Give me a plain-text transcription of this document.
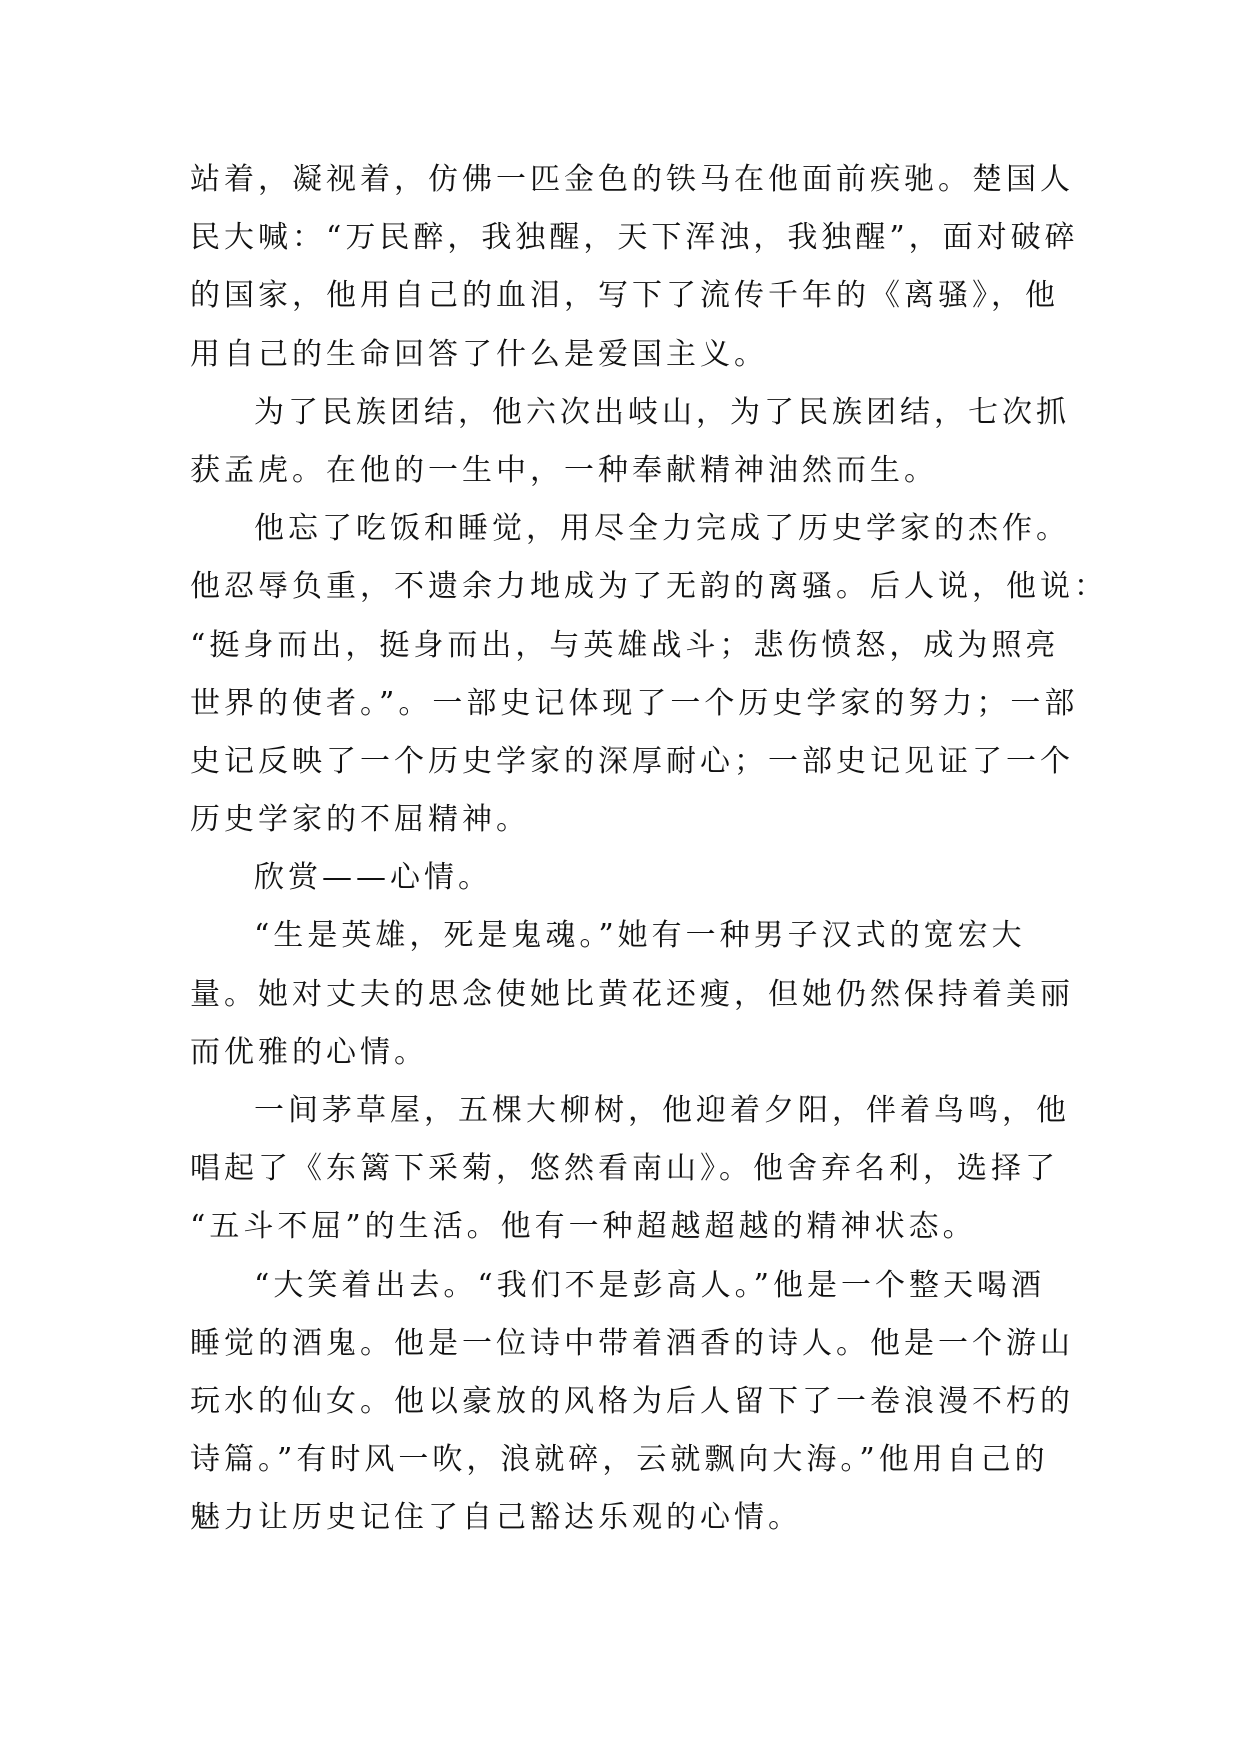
站着，凝视着，仿佛一匹金色的铁马在他面前疾驰。楚国人
民大喊：“万民醉，我独醒，天下浑浊，我独醒”，面对破碎
的国家，他用自己的血泪，写下了流传千年的《离骚》，他
用自己的生命回答了什么是爱国主义。
为了民族团结，他六次出岐山，为了民族团结，七次抓
获孟虎。在他的一生中，一种奉献精神油然而生。
他忘了吃饭和睡觉，用尽全力完成了历史学家的杰作。
他忍辱负重，不遗余力地成为了无韵的离骚。后人说，他说：
“挺身而出，挺身而出，与英雄战斗；悲伤愤怒，成为照亮
世界的使者。”。一部史记体现了一个历史学家的努力；一部
史记反映了一个历史学家的深厚耐心；一部史记见证了一个
历史学家的不屈精神。
欣赏——心情。
“生是英雄，死是鬼魂。”她有一种男子汉式的宽宏大
量。她对丈夫的思念使她比黄花还瘦，但她仍然保持着美丽
而优雅的心情。
一间茅草屋，五棵大柳树，他迎着夕阳，伴着鸟鸣，他
唱起了《东篱下采菊，悠然看南山》。他舍弃名利，选择了
“五斗不屈”的生活。他有一种超越超越的精神状态。
“大笑着出去。“我们不是彭高人。”他是一个整天喝酒
睡觉的酒鬼。他是一位诗中带着酒香的诗人。他是一个游山
玩水的仙女。他以豪放的风格为后人留下了一卷浪漫不朽的
诗篇。”有时风一吹，浪就碎，云就飘向大海。”他用自己的
魅力让历史记住了自己豁达乐观的心情。
